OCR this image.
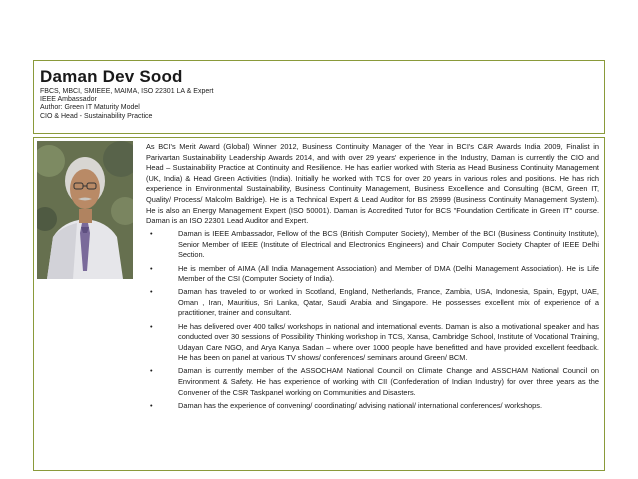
Daman Dev Sood
FBCS, MBCI, SMIEEE, MAIMA, ISO 22301 LA & Expert
IEEE Ambassador
Author: Green IT Maturity Model
CIO & Head - Sustainability Practice

As BCI's Merit Award (Global) Winner 2012, Business Continuity Manager of the Year in BCI's C&R Awards India 2009, Finalist in Parivartan Sustainability Leadership Awards 2014, and with over 29 years' experience in the Industry, Daman is currently the CIO and Head – Sustainability Practice at Continuity and Resilience. He has earlier worked with Steria as Head Business Continuity Management (UK, India) & Head Green Activities (India). Initially he worked with TCS for over 20 years in various roles and positions. He has rich experience in Environmental Sustainability, Business Continuity Management, Business Excellence and Consulting (BCM, Green IT, Quality/ Process/ Malcolm Baldrige). He is a Technical Expert & Lead Auditor for BS 25999 (Business Continuity Management System). He is also an Energy Management Expert (ISO 50001). Daman is Accredited Tutor for BCS "Foundation Certificate in Green IT" course. Daman is an ISO 22301 Lead Auditor and Expert.

•	Daman is IEEE Ambassador, Fellow of the BCS (British Computer Society), Member of the BCI (Business Continuity Institute), Senior Member of IEEE (Institute of Electrical and Electronics Engineers) and Chair Computer Society Chapter of IEEE Delhi Section.
•	He is member of AIMA (All India Management Association) and Member of DMA (Delhi Management Association). He is Life Member of the CSI (Computer Society of India).
•	Daman has traveled to or worked in Scotland, England, Netherlands, France, Zambia, USA, Indonesia, Spain, Egypt, UAE, Oman , Iran, Mauritius, Sri Lanka, Qatar, Saudi Arabia and Singapore. He possesses excellent mix of experience of a practitioner, trainer and consultant.
•	He has delivered over 400 talks/ workshops in national and international events. Daman is also a motivational speaker and has conducted over 30 sessions of Possibility Thinking workshop in TCS, Xansa, Cambridge School, Institute of Vocational Training, Udayan Care NGO, and Arya Kanya Sadan – where over 1000 people have benefitted and have provided excellent feedback. He has been on panel at various TV shows/ conferences/ seminars around Green/ BCM.
•	Daman is currently member of the ASSOCHAM National Council on Climate Change and ASSCHAM National Council on Environment & Safety. He has experience of working with CII (Confederation of Indian Industry) for over three years as the Convener of the CSR Taskpanel working on Communities and Disasters.
•	Daman has the experience of convening/ coordinating/ advising national/ international conferences/ workshops.
